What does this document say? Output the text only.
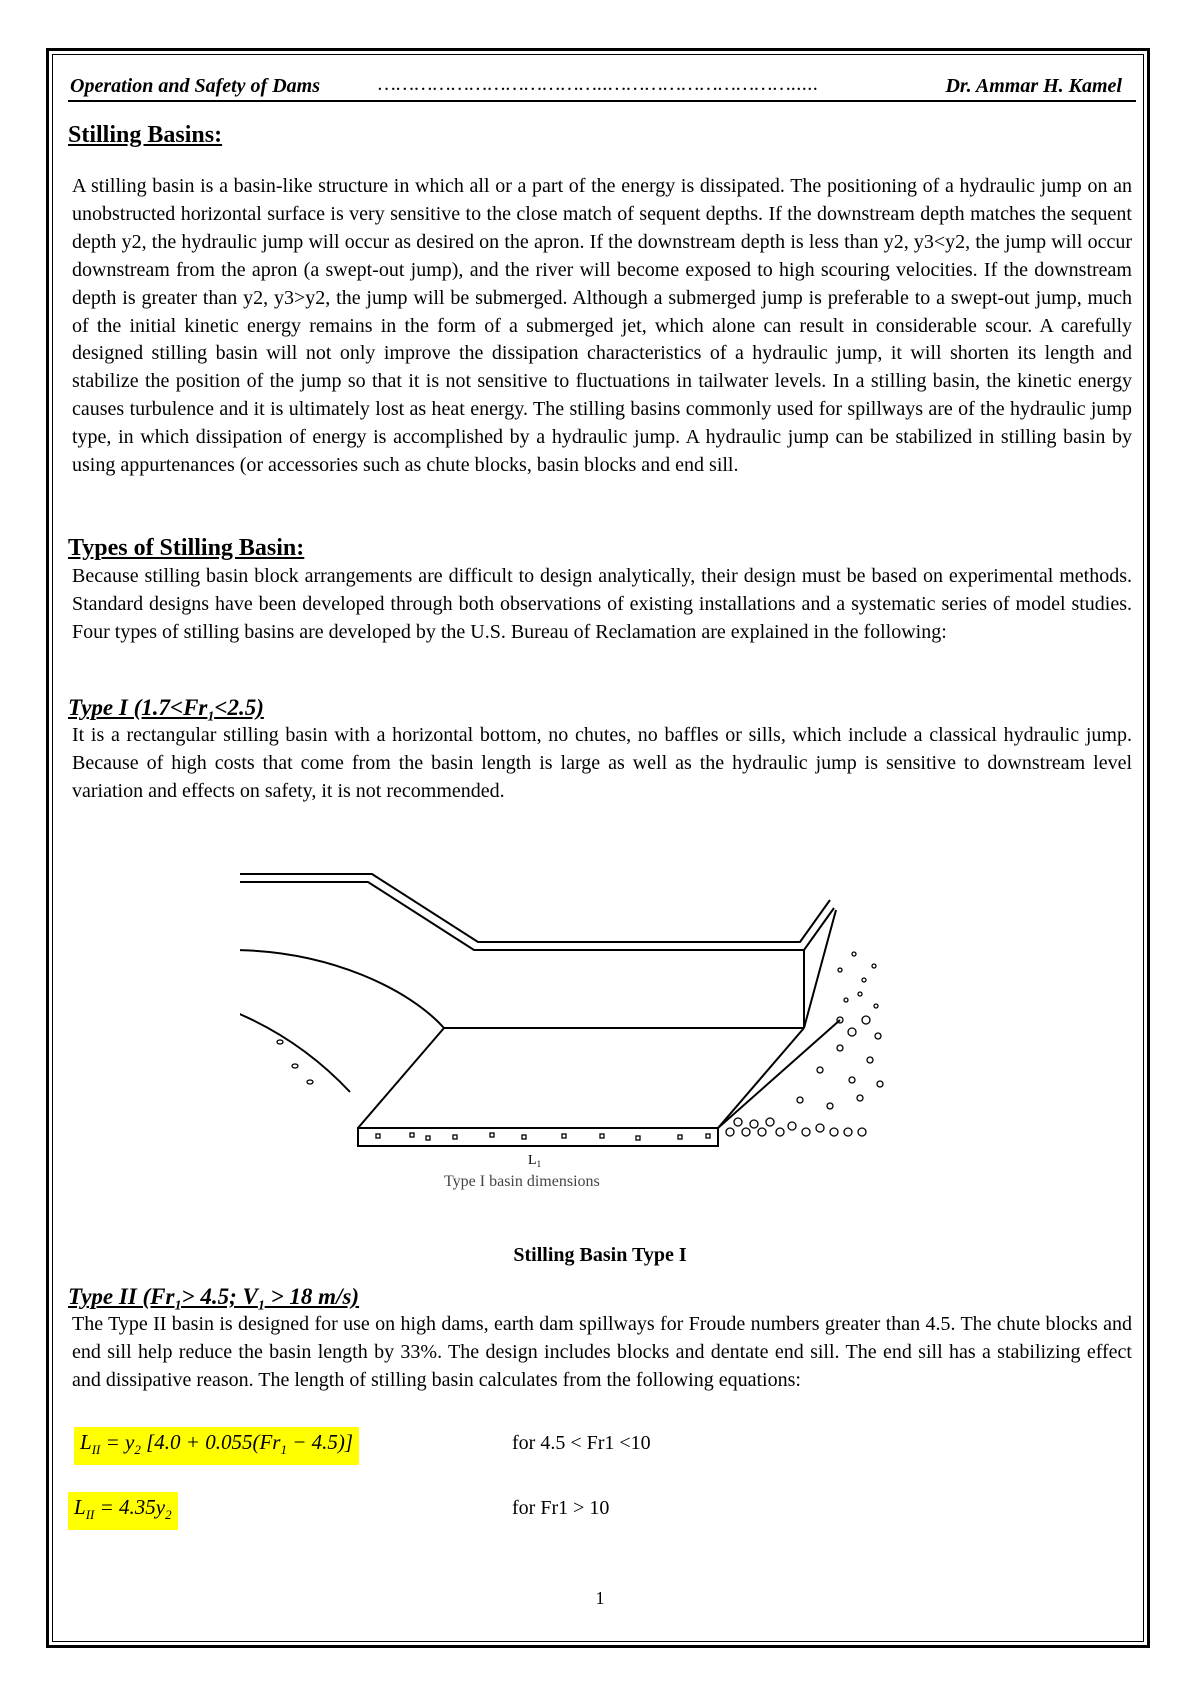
Operation and Safety of Dams	………………………………..………………………….....	Dr. Ammar H. Kamel
Stilling Basins:

A stilling basin is a basin-like structure in which all or a part of the energy is dissipated. The positioning of a hydraulic jump on an unobstructed horizontal surface is very sensitive to the close match of sequent depths. If the downstream depth matches the sequent depth y2, the hydraulic jump will occur as desired on the apron. If the downstream depth is less than y2, y3<y2, the jump will occur downstream from the apron (a swept-out jump), and the river will become exposed to high scouring velocities. If the downstream depth is greater than y2, y3>y2, the jump will be submerged. Although a submerged jump is preferable to a swept-out jump, much of the initial kinetic energy remains in the form of a submerged jet, which alone can result in considerable scour. A carefully designed stilling basin will not only improve the dissipation characteristics of a hydraulic jump, it will shorten its length and stabilize the position of the jump so that it is not sensitive to fluctuations in tailwater levels. In a stilling basin, the kinetic energy causes turbulence and it is ultimately lost as heat energy. The stilling basins commonly used for spillways are of the hydraulic jump type, in which dissipation of energy is accomplished by a hydraulic jump. A hydraulic jump can be stabilized in stilling basin by using appurtenances (or accessories such as chute blocks, basin blocks and end sill.

Types of Stilling Basin:

Because stilling basin block arrangements are difficult to design analytically, their design must be based on experimental methods. Standard designs have been developed through both observations of existing installations and a systematic series of model studies. Four types of stilling basins are developed by the U.S. Bureau of Reclamation are explained in the following:

Type I $(1.7<Fr_1<2.5)$

It is a rectangular stilling basin with a horizontal bottom, no chutes, no baffles or sills, which include a classical hydraulic jump. Because of high costs that come from the basin length is large as well as the hydraulic jump is sensitive to downstream level variation and effects on safety, it is not recommended.

$L_1$
Type I basin dimensions
Stilling Basin Type I
Type II ($Fr_1> 4.5$; $V_1 > 18$ m/s)

The Type II basin is designed for use on high dams, earth dam spillways for Froude numbers greater than 4.5. The chute blocks and end sill help reduce the basin length by 33%. The design includes blocks and dentate end sill. The end sill has a stabilizing effect and dissipative reason. The length of stilling basin calculates from the following equations:

$L_{II} = y_2$ $[4.0 + 0.055(Fr_1 - 4.5)]$	for 4.5 < Fr1 <10
$L_{II} = 4.35y_2$	for Fr1 > 10
1
